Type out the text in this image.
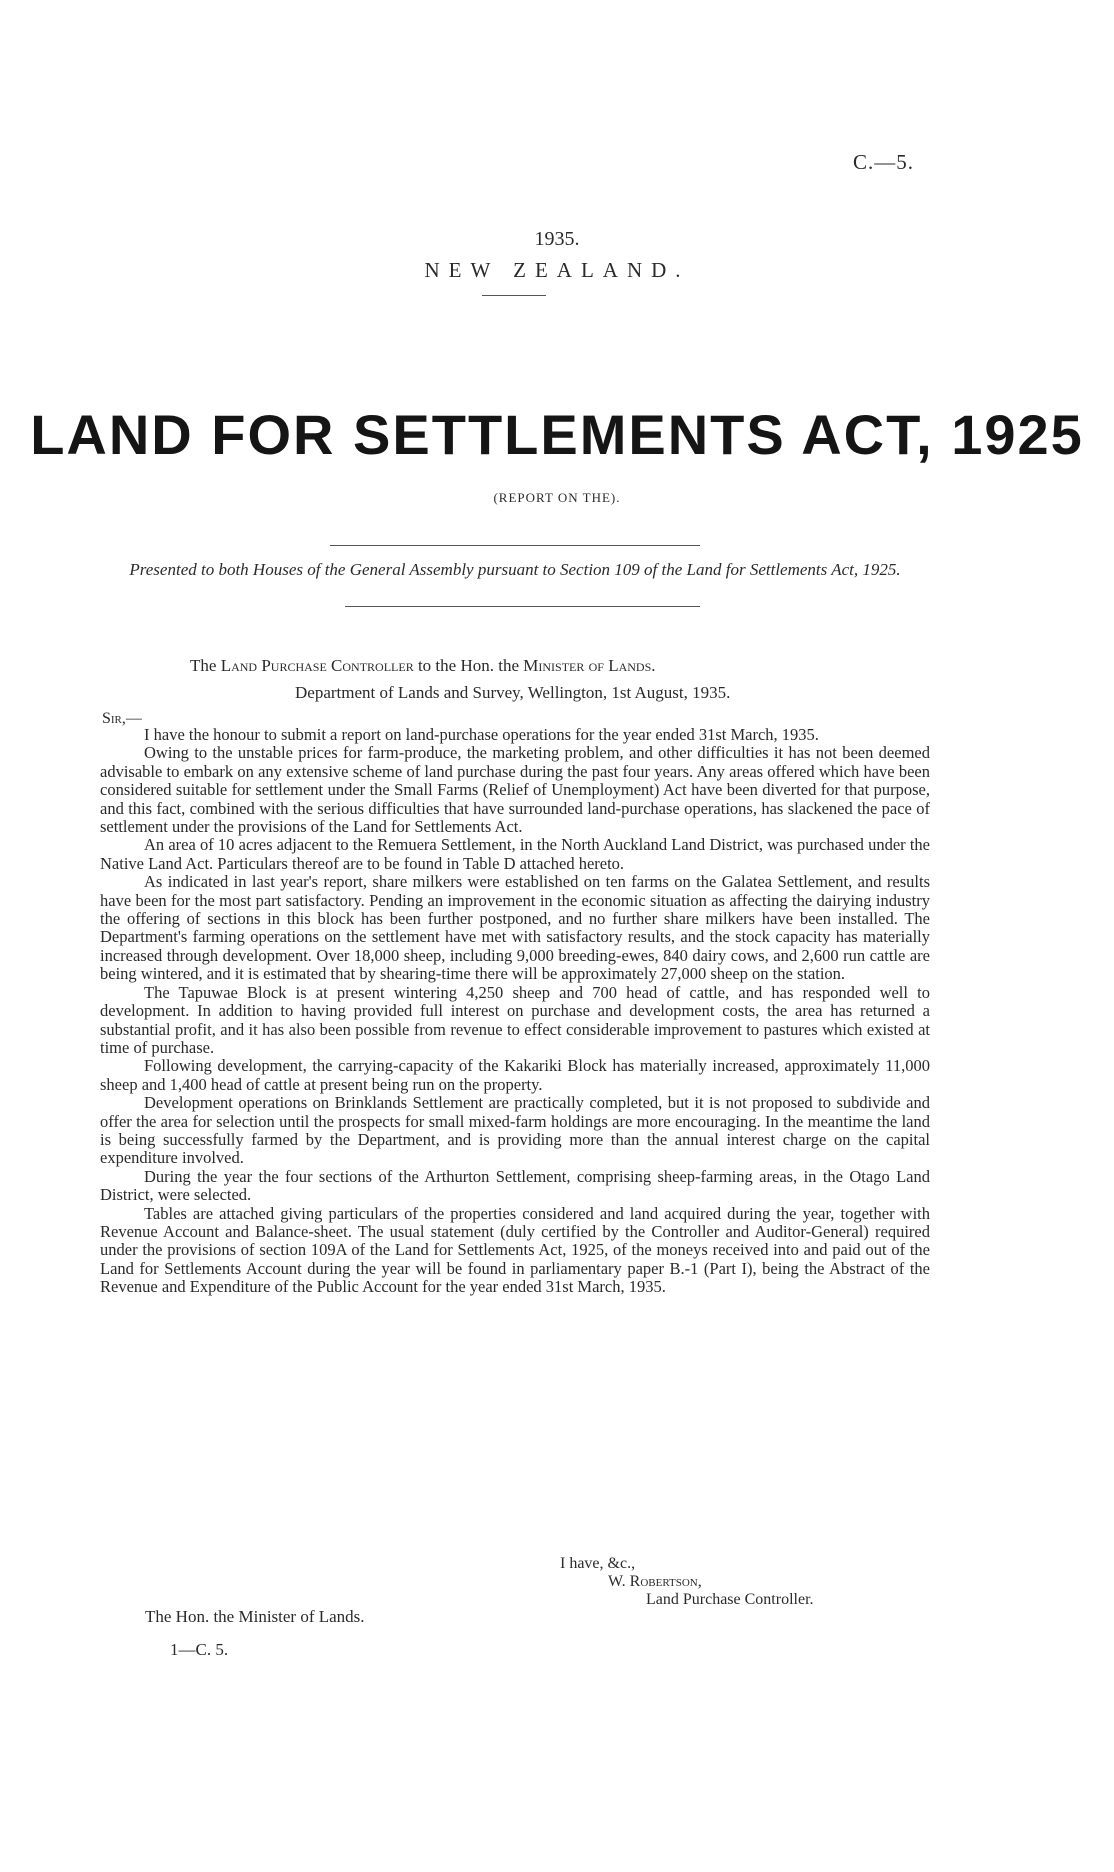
C.—5.
1935.
NEW ZEALAND.
LAND FOR SETTLEMENTS ACT, 1925
(REPORT ON THE).
Presented to both Houses of the General Assembly pursuant to Section 109 of the Land for Settlements Act, 1925.
The Land Purchase Controller to the Hon. the Minister of Lands.
Department of Lands and Survey, Wellington, 1st August, 1935.
Sir,—

I have the honour to submit a report on land-purchase operations for the year ended 31st March, 1935.

Owing to the unstable prices for farm-produce, the marketing problem, and other difficulties it has not been deemed advisable to embark on any extensive scheme of land purchase during the past four years. Any areas offered which have been considered suitable for settlement under the Small Farms (Relief of Unemployment) Act have been diverted for that purpose, and this fact, combined with the serious difficulties that have surrounded land-purchase operations, has slackened the pace of settlement under the provisions of the Land for Settlements Act.

An area of 10 acres adjacent to the Remuera Settlement, in the North Auckland Land District, was purchased under the Native Land Act. Particulars thereof are to be found in Table D attached hereto.

As indicated in last year's report, share milkers were established on ten farms on the Galatea Settlement, and results have been for the most part satisfactory. Pending an improvement in the economic situation as affecting the dairying industry the offering of sections in this block has been further postponed, and no further share milkers have been installed. The Department's farming operations on the settlement have met with satisfactory results, and the stock capacity has materially increased through development. Over 18,000 sheep, including 9,000 breeding-ewes, 840 dairy cows, and 2,600 run cattle are being wintered, and it is estimated that by shearing-time there will be approximately 27,000 sheep on the station.

The Tapuwae Block is at present wintering 4,250 sheep and 700 head of cattle, and has responded well to development. In addition to having provided full interest on purchase and development costs, the area has returned a substantial profit, and it has also been possible from revenue to effect considerable improvement to pastures which existed at time of purchase.

Following development, the carrying-capacity of the Kakariki Block has materially increased, approximately 11,000 sheep and 1,400 head of cattle at present being run on the property.

Development operations on Brinklands Settlement are practically completed, but it is not proposed to subdivide and offer the area for selection until the prospects for small mixed-farm holdings are more encouraging. In the meantime the land is being successfully farmed by the Department, and is providing more than the annual interest charge on the capital expenditure involved.

During the year the four sections of the Arthurton Settlement, comprising sheep-farming areas, in the Otago Land District, were selected.

Tables are attached giving particulars of the properties considered and land acquired during the year, together with Revenue Account and Balance-sheet. The usual statement (duly certified by the Controller and Auditor-General) required under the provisions of section 109A of the Land for Settlements Act, 1925, of the moneys received into and paid out of the Land for Settlements Account during the year will be found in parliamentary paper B.-1 (Part I), being the Abstract of the Revenue and Expenditure of the Public Account for the year ended 31st March, 1935.

I have, &c.,
W. Robertson,
Land Purchase Controller.
The Hon. the Minister of Lands.
1—C. 5.
